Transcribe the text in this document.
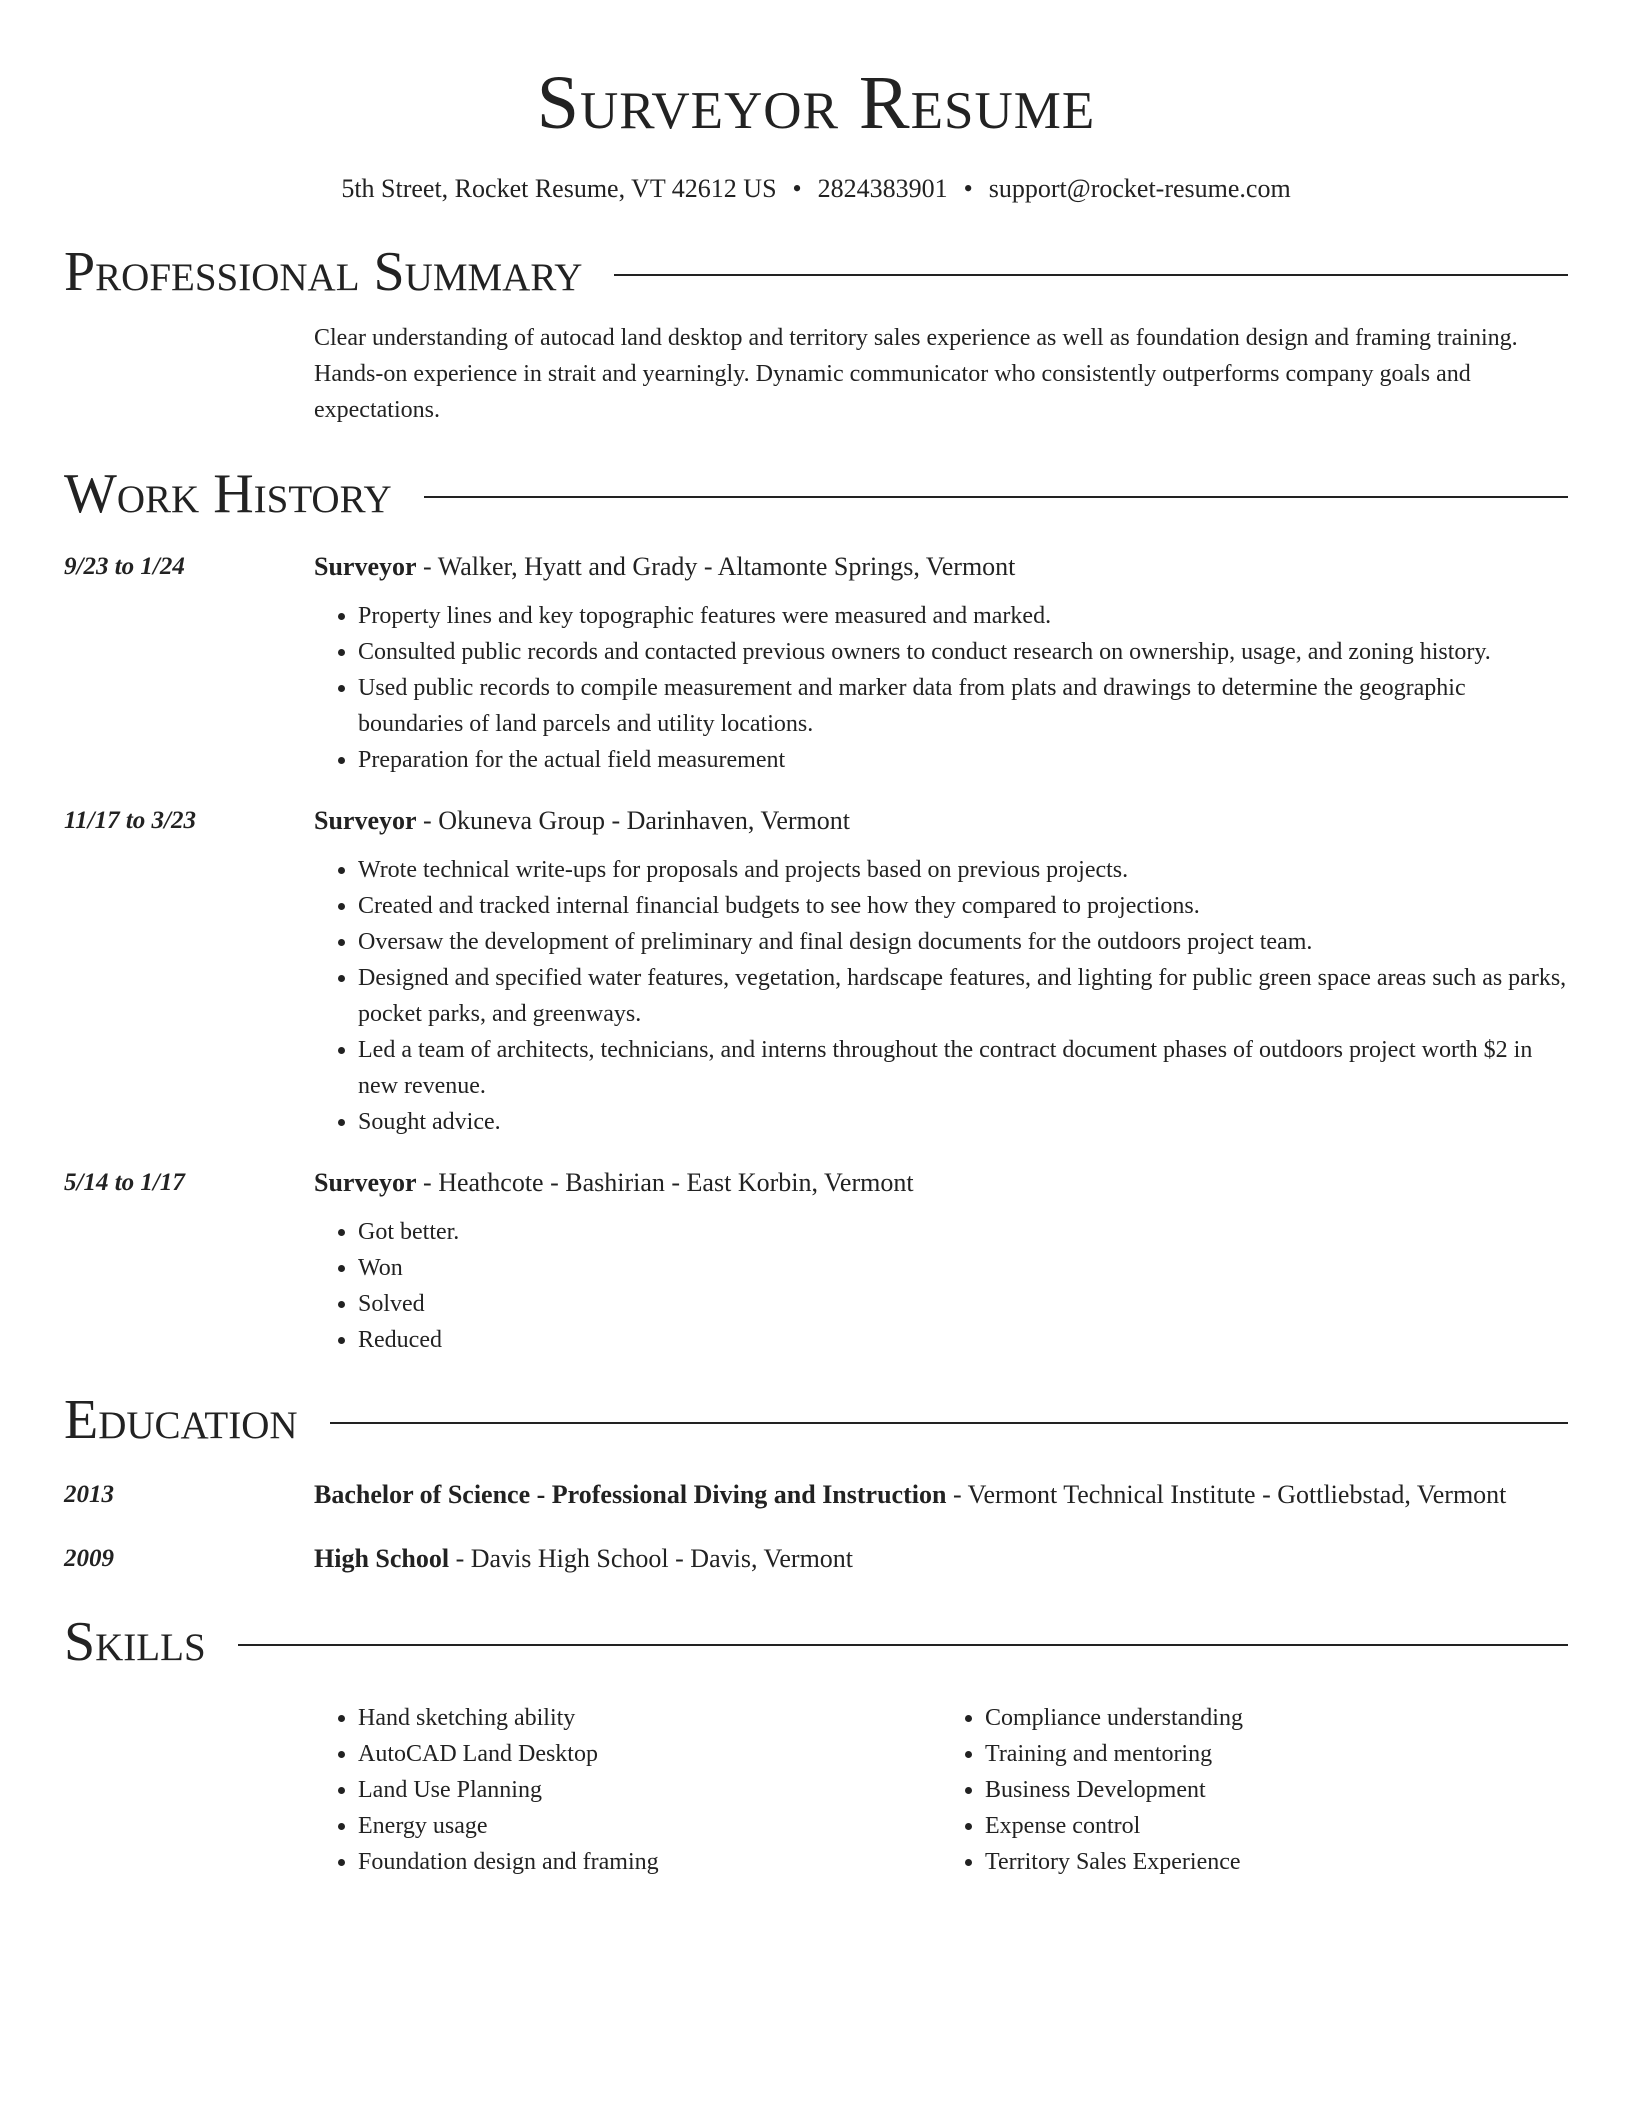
Surveyor Resume
5th Street, Rocket Resume, VT 42612 US • 2824383901 • support@rocket-resume.com
Professional Summary
Clear understanding of autocad land desktop and territory sales experience as well as foundation design and framing training. Hands-on experience in strait and yearningly. Dynamic communicator who consistently outperforms company goals and expectations.
Work History
9/23 to 1/24	Surveyor - Walker, Hyatt and Grady - Altamonte Springs, Vermont
• Property lines and key topographic features were measured and marked.
• Consulted public records and contacted previous owners to conduct research on ownership, usage, and zoning history.
• Used public records to compile measurement and marker data from plats and drawings to determine the geographic boundaries of land parcels and utility locations.
• Preparation for the actual field measurement
11/17 to 3/23	Surveyor - Okuneva Group - Darinhaven, Vermont
• Wrote technical write-ups for proposals and projects based on previous projects.
• Created and tracked internal financial budgets to see how they compared to projections.
• Oversaw the development of preliminary and final design documents for the outdoors project team.
• Designed and specified water features, vegetation, hardscape features, and lighting for public green space areas such as parks, pocket parks, and greenways.
• Led a team of architects, technicians, and interns throughout the contract document phases of outdoors project worth $2 in new revenue.
• Sought advice.
5/14 to 1/17	Surveyor - Heathcote - Bashirian - East Korbin, Vermont
• Got better.
• Won
• Solved
• Reduced
Education
2013	Bachelor of Science - Professional Diving and Instruction - Vermont Technical Institute - Gottliebstad, Vermont
2009	High School - Davis High School - Davis, Vermont
Skills
• Hand sketching ability
• AutoCAD Land Desktop
• Land Use Planning
• Energy usage
• Foundation design and framing
• Compliance understanding
• Training and mentoring
• Business Development
• Expense control
• Territory Sales Experience
